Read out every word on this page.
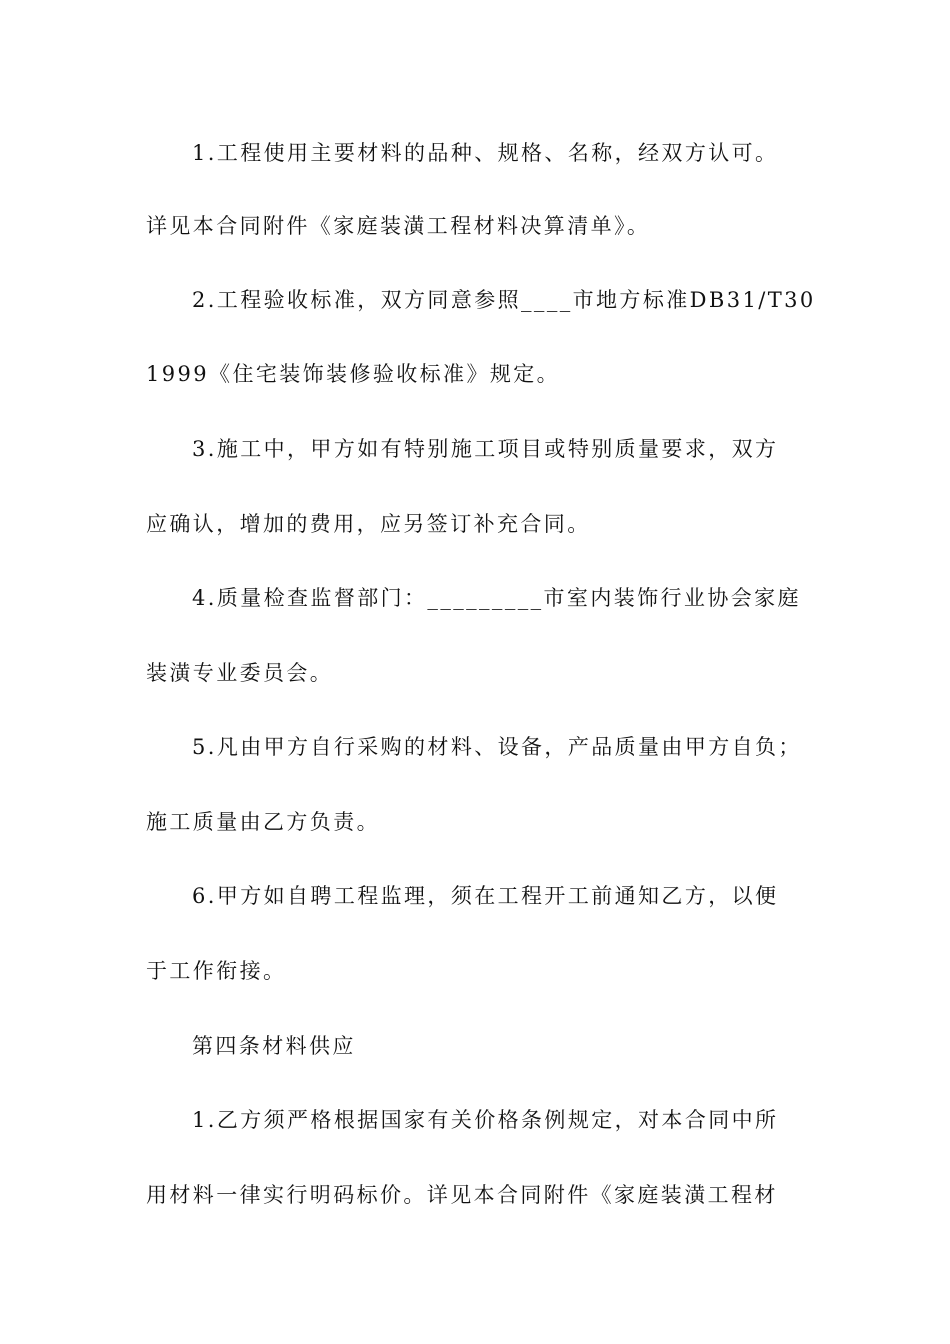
1.工程使用主要材料的品种、规格、名称，经双方认可。
详见本合同附件《家庭装潢工程材料决算清单》。
2.工程验收标准，双方同意参照____市地方标准DB31/T30
1999《住宅装饰装修验收标准》规定。
3.施工中，甲方如有特别施工项目或特别质量要求，双方
应确认，增加的费用，应另签订补充合同。
4.质量检查监督部门：_________市室内装饰行业协会家庭
装潢专业委员会。
5.凡由甲方自行采购的材料、设备，产品质量由甲方自负；
施工质量由乙方负责。
6.甲方如自聘工程监理，须在工程开工前通知乙方，以便
于工作衔接。
第四条材料供应
1.乙方须严格根据国家有关价格条例规定，对本合同中所
用材料一律实行明码标价。详见本合同附件《家庭装潢工程材
